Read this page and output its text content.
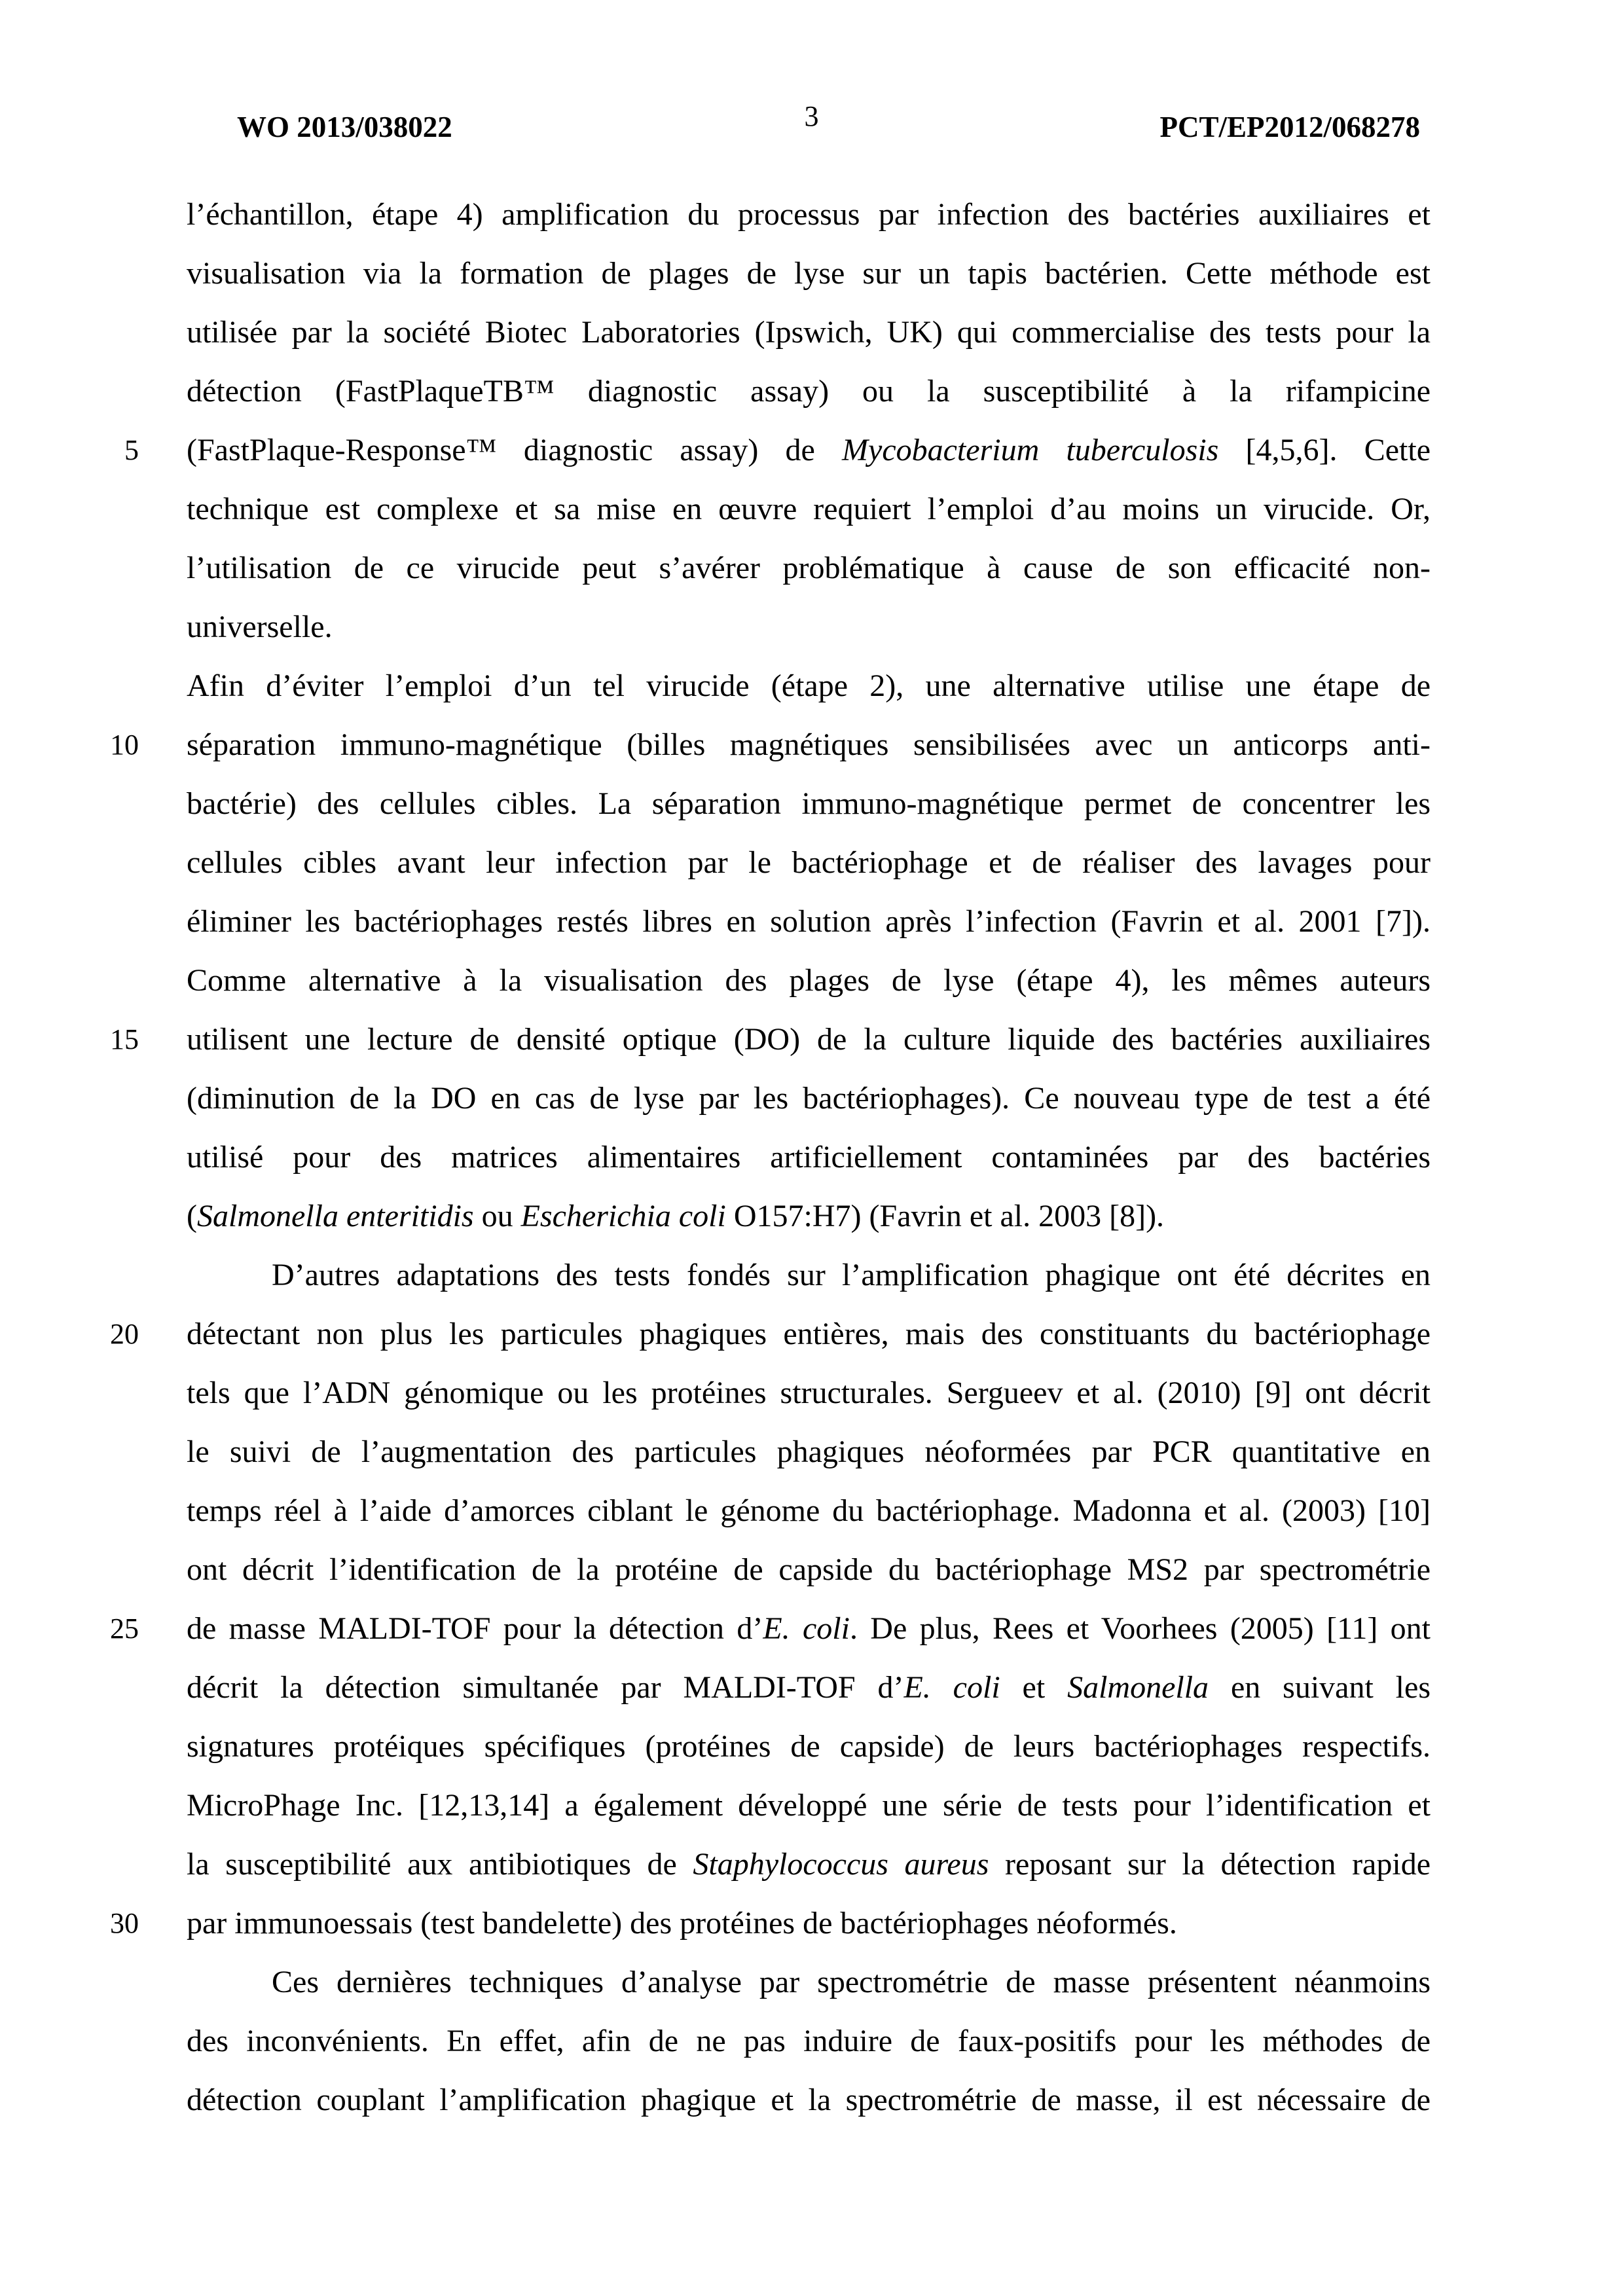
WO 2013/038022	3	PCT/EP2012/068278
5
10
15
20
25
30
l’échantillon, étape 4) amplification du processus par infection des bactéries auxiliaires et
visualisation via la formation de plages de lyse sur un tapis bactérien. Cette méthode est
utilisée par la société Biotec Laboratories (Ipswich, UK) qui commercialise des tests pour la
détection (FastPlaqueTB™ diagnostic assay) ou la susceptibilité à la rifampicine
(FastPlaque-Response™ diagnostic assay) de Mycobacterium tuberculosis [4,5,6]. Cette
technique est complexe et sa mise en œuvre requiert l’emploi d’au moins un virucide. Or,
l’utilisation de ce virucide peut s’avérer problématique à cause de son efficacité non-
universelle.
Afin d’éviter l’emploi d’un tel virucide (étape 2), une alternative utilise une étape de
séparation immuno-magnétique (billes magnétiques sensibilisées avec un anticorps anti-
bactérie) des cellules cibles. La séparation immuno-magnétique permet de concentrer les
cellules cibles avant leur infection par le bactériophage et de réaliser des lavages pour
éliminer les bactériophages restés libres en solution après l’infection (Favrin et al. 2001 [7]).
Comme alternative à la visualisation des plages de lyse (étape 4), les mêmes auteurs
utilisent une lecture de densité optique (DO) de la culture liquide des bactéries auxiliaires
(diminution de la DO en cas de lyse par les bactériophages). Ce nouveau type de test a été
utilisé pour des matrices alimentaires artificiellement contaminées par des bactéries
(Salmonella enteritidis ou Escherichia coli O157:H7) (Favrin et al. 2003 [8]).
D’autres adaptations des tests fondés sur l’amplification phagique ont été décrites en
détectant non plus les particules phagiques entières, mais des constituants du bactériophage
tels que l’ADN génomique ou les protéines structurales. Sergueev et al. (2010) [9] ont décrit
le suivi de l’augmentation des particules phagiques néoformées par PCR quantitative en
temps réel à l’aide d’amorces ciblant le génome du bactériophage. Madonna et al. (2003) [10]
ont décrit l’identification de la protéine de capside du bactériophage MS2 par spectrométrie
de masse MALDI-TOF pour la détection d’E. coli. De plus, Rees et Voorhees (2005) [11] ont
décrit la détection simultanée par MALDI-TOF d’E. coli et Salmonella en suivant les
signatures protéiques spécifiques (protéines de capside) de leurs bactériophages respectifs.
MicroPhage Inc. [12,13,14] a également développé une série de tests pour l’identification et
la susceptibilité aux antibiotiques de Staphylococcus aureus reposant sur la détection rapide
par immunoessais (test bandelette) des protéines de bactériophages néoformés.
Ces dernières techniques d’analyse par spectrométrie de masse présentent néanmoins
des inconvénients. En effet, afin de ne pas induire de faux-positifs pour les méthodes de
détection couplant l’amplification phagique et la spectrométrie de masse, il est nécessaire de
